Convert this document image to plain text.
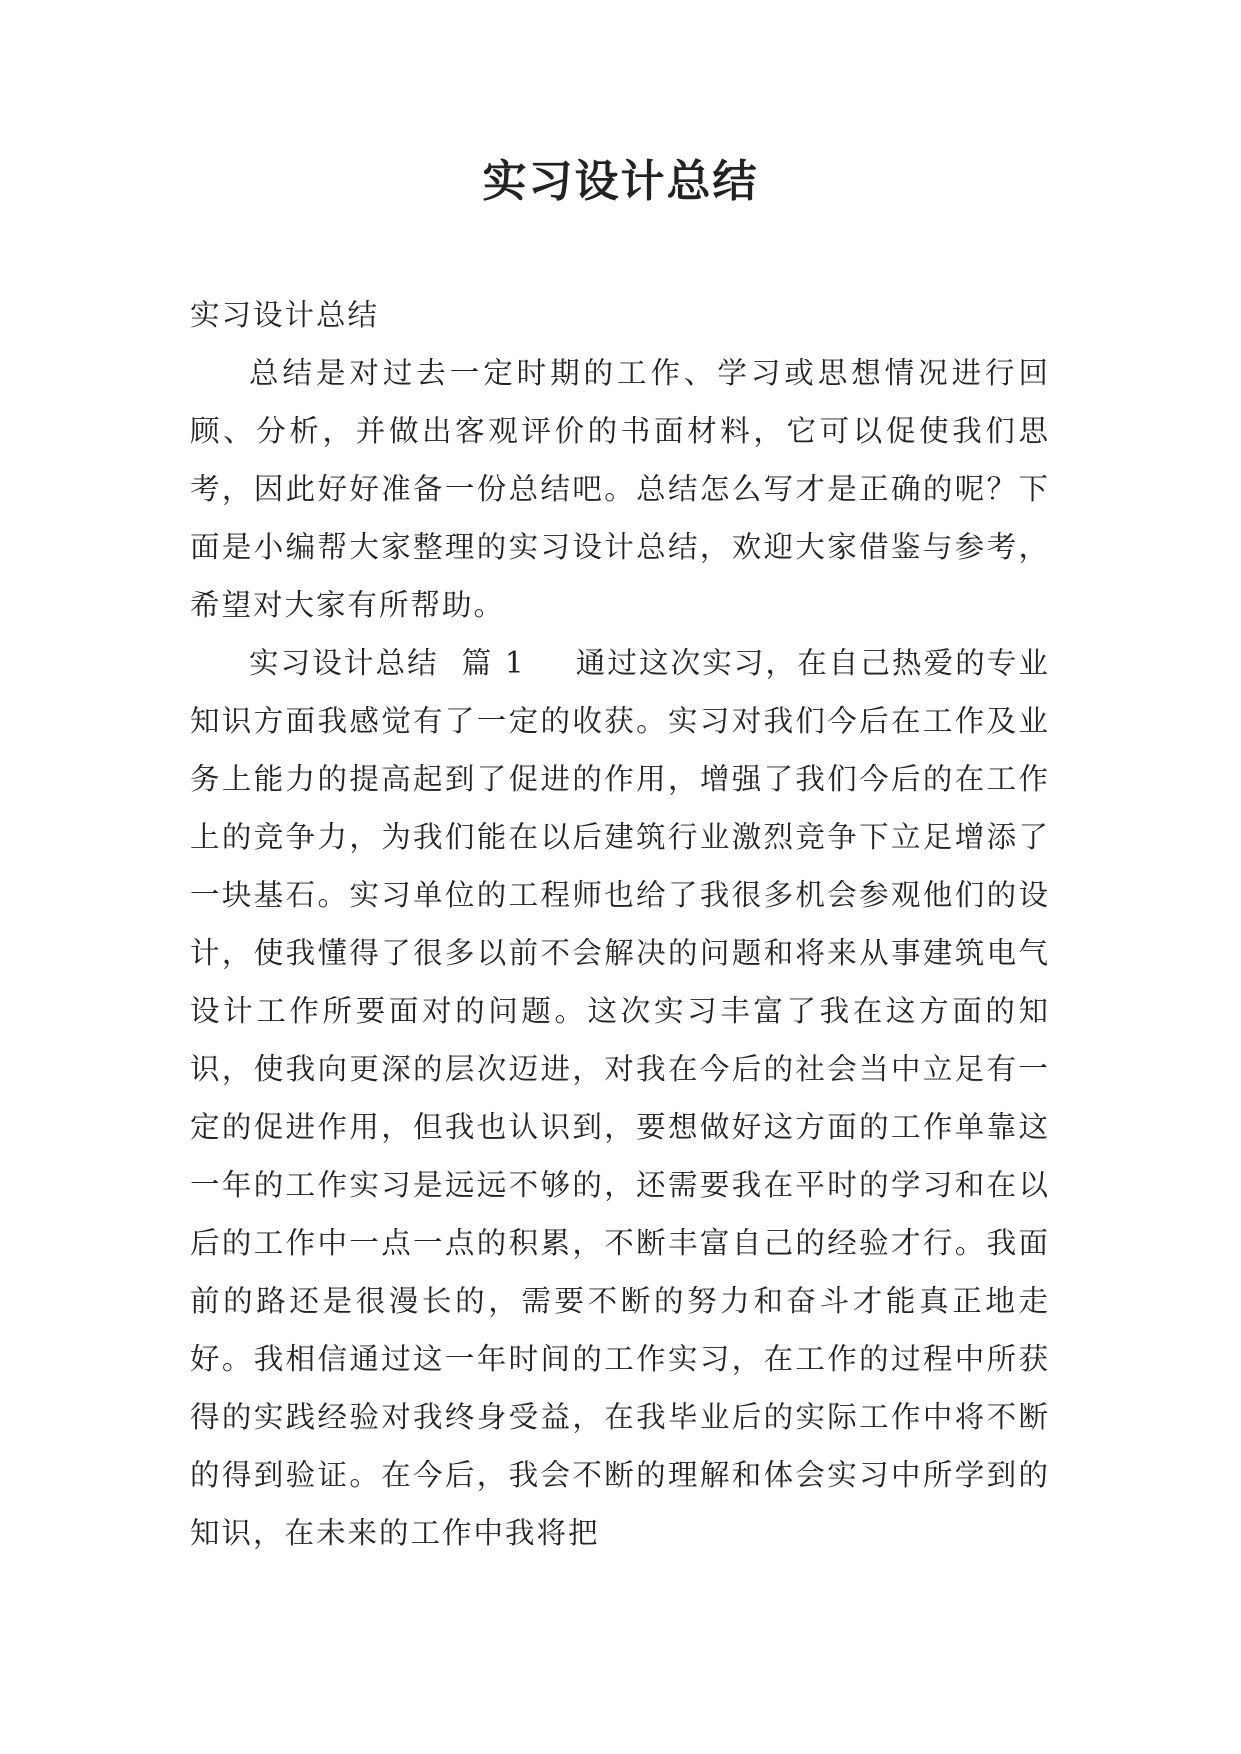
实习设计总结

实习设计总结

总结是对过去一定时期的工作、学习或思想情况进行回顾、分析，并做出客观评价的书面材料，它可以促使我们思考，因此好好准备一份总结吧。总结怎么写才是正确的呢？下面是小编帮大家整理的实习设计总结，欢迎大家借鉴与参考，希望对大家有所帮助。

实习设计总结 篇 1 通过这次实习，在自己热爱的专业知识方面我感觉有了一定的收获。实习对我们今后在工作及业务上能力的提高起到了促进的作用，增强了我们今后的在工作上的竞争力，为我们能在以后建筑行业激烈竞争下立足增添了一块基石。实习单位的工程师也给了我很多机会参观他们的设计，使我懂得了很多以前不会解决的问题和将来从事建筑电气设计工作所要面对的问题。这次实习丰富了我在这方面的知识，使我向更深的层次迈进，对我在今后的社会当中立足有一定的促进作用，但我也认识到，要想做好这方面的工作单靠这一年的工作实习是远远不够的，还需要我在平时的学习和在以后的工作中一点一点的积累，不断丰富自己的经验才行。我面前的路还是很漫长的，需要不断的努力和奋斗才能真正地走好。我相信通过这一年时间的工作实习，在工作的过程中所获得的实践经验对我终身受益，在我毕业后的实际工作中将不断的得到验证。在今后，我会不断的理解和体会实习中所学到的知识，在未来的工作中我将把
